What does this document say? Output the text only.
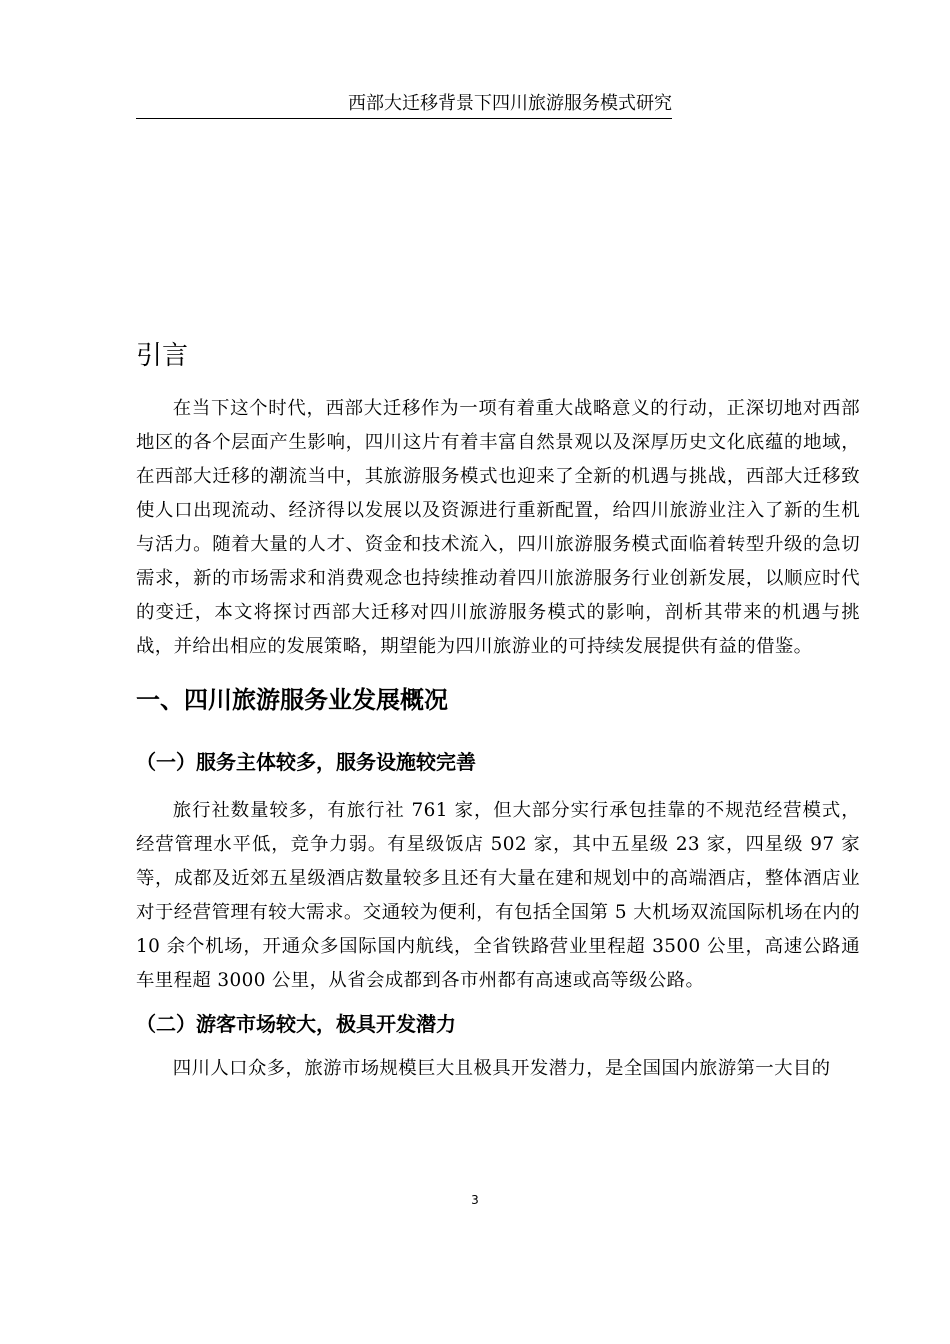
西部大迁移背景下四川旅游服务模式研究
引言

在当下这个时代，西部大迁移作为一项有着重大战略意义的行动，正深切地对西部地区的各个层面产生影响，四川这片有着丰富自然景观以及深厚历史文化底蕴的地域，在西部大迁移的潮流当中，其旅游服务模式也迎来了全新的机遇与挑战，西部大迁移致使人口出现流动、经济得以发展以及资源进行重新配置，给四川旅游业注入了新的生机与活力。随着大量的人才、资金和技术流入，四川旅游服务模式面临着转型升级的急切需求，新的市场需求和消费观念也持续推动着四川旅游服务行业创新发展，以顺应时代的变迁，本文将探讨西部大迁移对四川旅游服务模式的影响，剖析其带来的机遇与挑战，并给出相应的发展策略，期望能为四川旅游业的可持续发展提供有益的借鉴。

一、四川旅游服务业发展概况
（一）服务主体较多，服务设施较完善

旅行社数量较多，有旅行社 761 家，但大部分实行承包挂靠的不规范经营模式，经营管理水平低，竞争力弱。有星级饭店 502 家，其中五星级 23 家，四星级 97 家等，成都及近郊五星级酒店数量较多且还有大量在建和规划中的高端酒店，整体酒店业对于经营管理有较大需求。交通较为便利，有包括全国第 5 大机场双流国际机场在内的 10 余个机场，开通众多国际国内航线，全省铁路营业里程超 3500 公里，高速公路通车里程超 3000 公里，从省会成都到各市州都有高速或高等级公路。

（二）游客市场较大，极具开发潜力

四川人口众多，旅游市场规模巨大且极具开发潜力，是全国国内旅游第一大目的

3
